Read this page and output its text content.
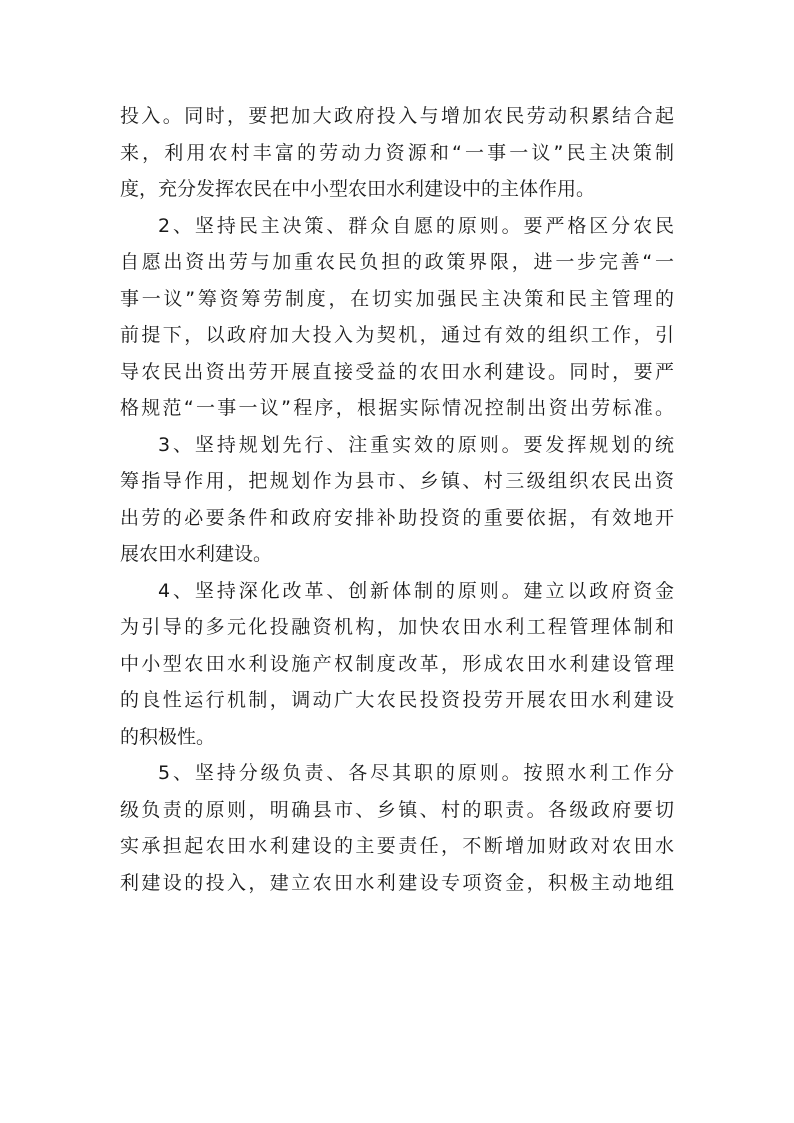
投入。同时，要把加大政府投入与增加农民劳动积累结合起
来，利用农村丰富的劳动力资源和“一事一议”民主决策制
度，充分发挥农民在中小型农田水利建设中的主体作用。
2、坚持民主决策、群众自愿的原则。要严格区分农民
自愿出资出劳与加重农民负担的政策界限，进一步完善“一
事一议”筹资筹劳制度，在切实加强民主决策和民主管理的
前提下，以政府加大投入为契机，通过有效的组织工作，引
导农民出资出劳开展直接受益的农田水利建设。同时，要严
格规范“一事一议”程序，根据实际情况控制出资出劳标准。
3、坚持规划先行、注重实效的原则。要发挥规划的统
筹指导作用，把规划作为县市、乡镇、村三级组织农民出资
出劳的必要条件和政府安排补助投资的重要依据，有效地开
展农田水利建设。
4、坚持深化改革、创新体制的原则。建立以政府资金
为引导的多元化投融资机构，加快农田水利工程管理体制和
中小型农田水利设施产权制度改革，形成农田水利建设管理
的良性运行机制，调动广大农民投资投劳开展农田水利建设
的积极性。
5、坚持分级负责、各尽其职的原则。按照水利工作分
级负责的原则，明确县市、乡镇、村的职责。各级政府要切
实承担起农田水利建设的主要责任，不断增加财政对农田水
利建设的投入，建立农田水利建设专项资金，积极主动地组
